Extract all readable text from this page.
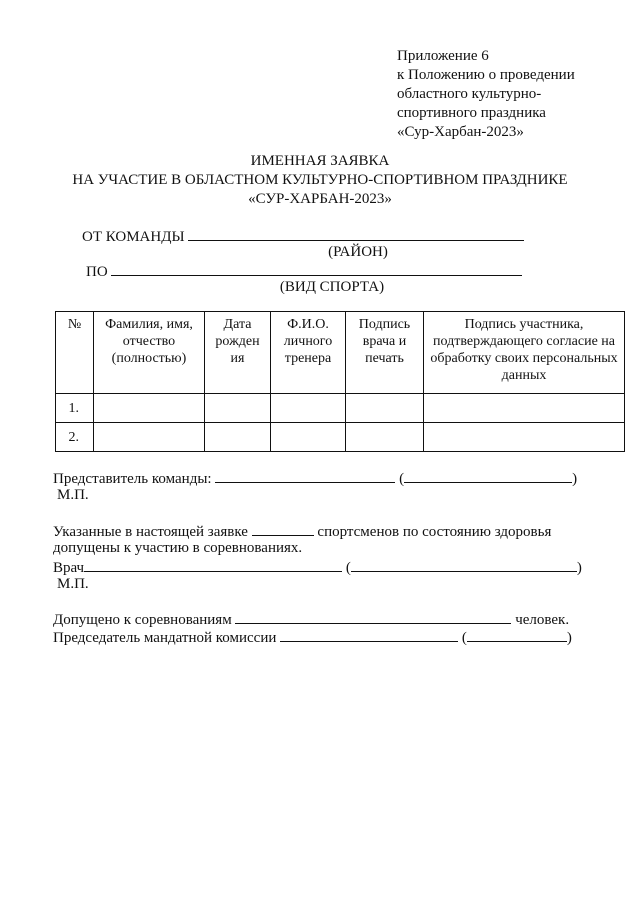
Приложение 6
к Положению о проведении
областного культурно-
спортивного праздника
«Сур-Харбан-2023»
ИМЕННАЯ ЗАЯВКА
НА УЧАСТИЕ В ОБЛАСТНОМ КУЛЬТУРНО-СПОРТИВНОМ ПРАЗДНИКЕ
«СУР-ХАРБАН-2023»
ОТ КОМАНДЫ
(РАЙОН)
ПО
(ВИД СПОРТА)
№	Фамилия, имя, отчество (полностью)	Дата рожден ия	Ф.И.О. личного тренера	Подпись врача и печать	Подпись участника, подтверждающего согласие на обработку своих персональных данных
1.					
2.					
Представитель команды:	(	)
М.П.
Указанные в настоящей заявке	спортсменов по состоянию здоровья
допущены к участию в соревнованиях.
Врач	(	)
М.П.
Допущено к соревнованиям	человек.
Председатель мандатной комиссии	(	)
